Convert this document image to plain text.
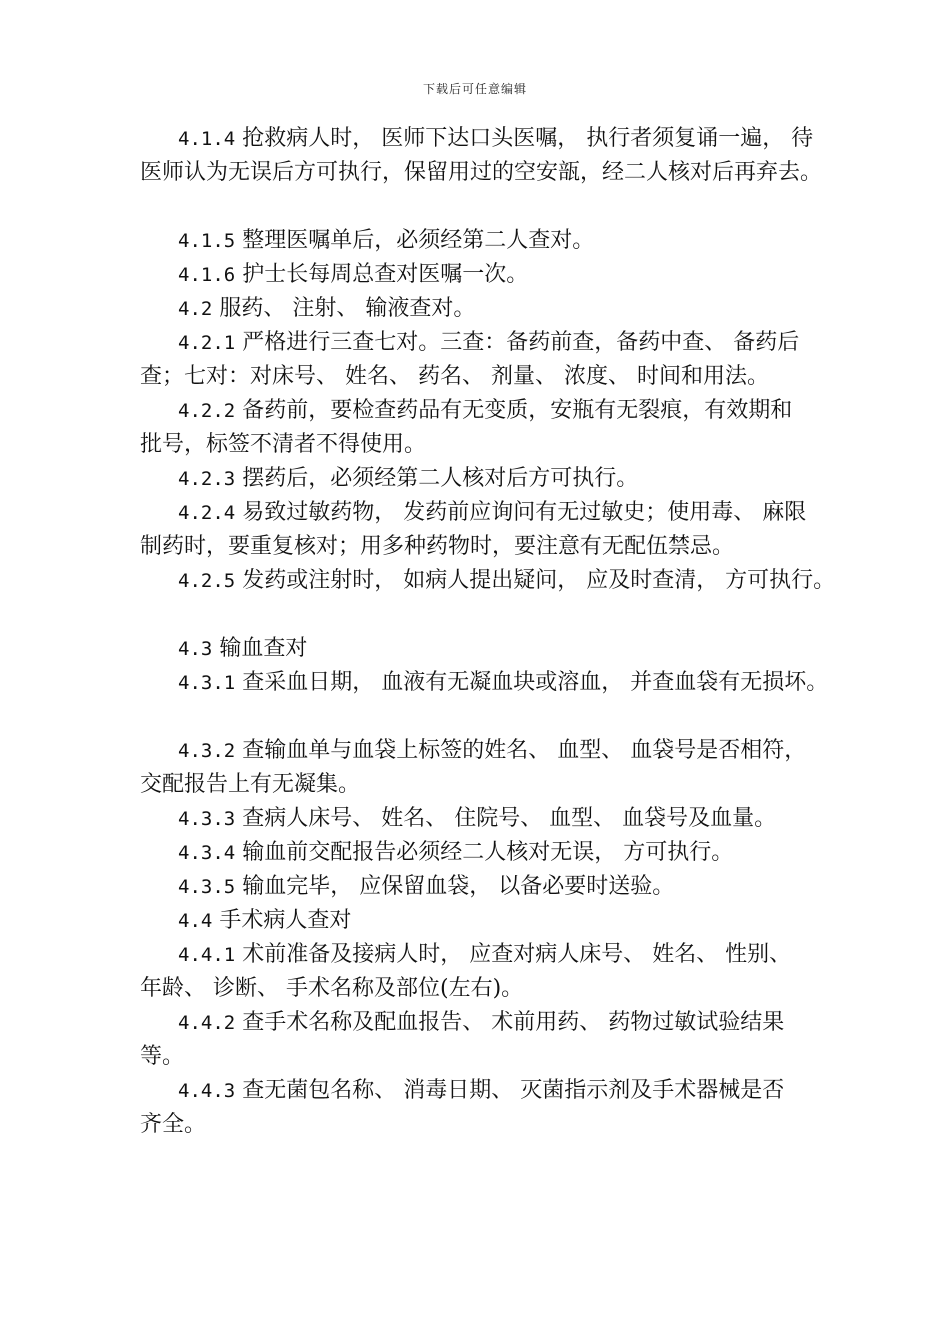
下载后可任意编辑

4.1.4 抢救病人时， 医师下达口头医嘱， 执行者须复诵一遍， 待
医师认为无误后方可执行，保留用过的空安瓿，经二人核对后再弃去。

4.1.5 整理医嘱单后，必须经第二人查对。

4.1.6 护士长每周总查对医嘱一次。

4.2 服药、 注射、 输液查对。

4.2.1 严格进行三查七对。三查：备药前查，备药中查、 备药后
查；七对：对床号、 姓名、 药名、 剂量、 浓度、 时间和用法。

4.2.2 备药前，要检查药品有无变质，安瓶有无裂痕，有效期和
批号，标签不清者不得使用。

4.2.3 摆药后，必须经第二人核对后方可执行。

4.2.4 易致过敏药物， 发药前应询问有无过敏史；使用毒、 麻限
制药时，要重复核对；用多种药物时，要注意有无配伍禁忌。

4.2.5 发药或注射时， 如病人提出疑问， 应及时查清， 方可执行。

4.3 输血查对

4.3.1 查采血日期， 血液有无凝血块或溶血， 并查血袋有无损坏。

4.3.2 查输血单与血袋上标签的姓名、 血型、 血袋号是否相符，
交配报告上有无凝集。

4.3.3 查病人床号、 姓名、 住院号、 血型、 血袋号及血量。

4.3.4 输血前交配报告必须经二人核对无误， 方可执行。

4.3.5 输血完毕， 应保留血袋， 以备必要时送验。

4.4 手术病人查对

4.4.1 术前准备及接病人时， 应查对病人床号、 姓名、 性别、
年龄、 诊断、 手术名称及部位(左右)。

4.4.2 查手术名称及配血报告、 术前用药、 药物过敏试验结果
等。

4.4.3 查无菌包名称、 消毒日期、 灭菌指示剂及手术器械是否
齐全。
